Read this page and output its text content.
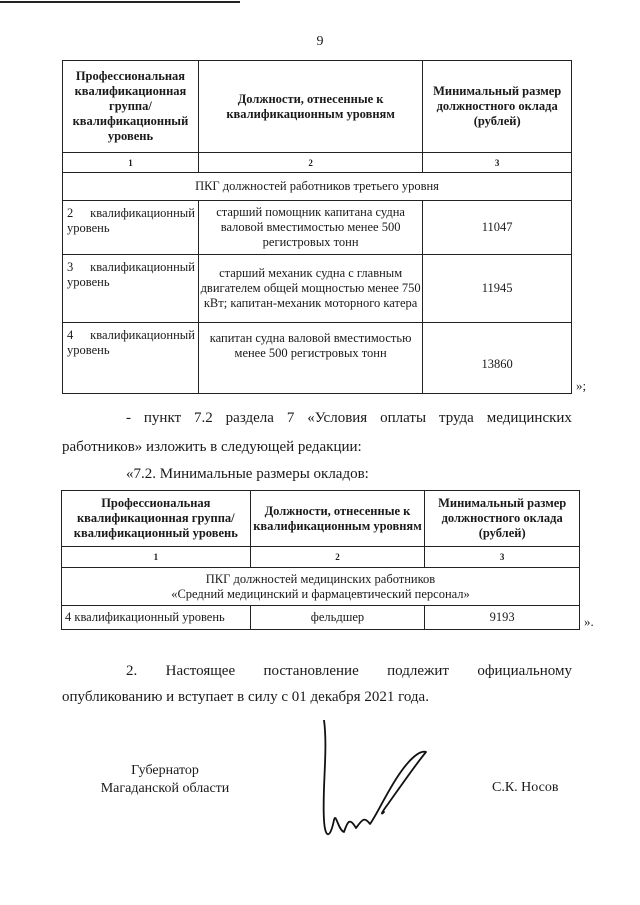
9
Профессиональная квалификационная группа/ квалификационный уровень	Должности, отнесенные к квалификационным уровням	Минимальный размер должностного оклада (рублей)
1	2	3
ПКГ должностей работников третьего уровня		

2 квалификационный
уровень	старший помощник капитана судна валовой вместимостью менее 500 регистровых тонн	11047

3 квалификационный
уровень	старший механик судна с главным двигателем общей мощностью менее 750 кВт; капитан-механик моторного катера	11945

4 квалификационный
уровень	капитан судна валовой вместимостью менее 500 регистровых тонн	13860
»;
- пункт 7.2 раздела 7 «Условия оплаты труда медицинских
работников» изложить в следующей редакции:
«7.2. Минимальные размеры окладов:
Профессиональная квалификационная группа/ квалификационный уровень	Должности, отнесенные к квалификационным уровням	Минимальный размер должностного оклада (рублей)
1	2	3

ПКГ должностей медицинских работников
«Средний медицинский и фармацевтический персонал»		

4 квалификационный уровень	фельдшер	9193	».
2. Настоящее постановление подлежит официальному
опубликованию и вступает в силу с 01 декабря 2021 года.
Губернатор
Магаданской области	С.К. Носов
